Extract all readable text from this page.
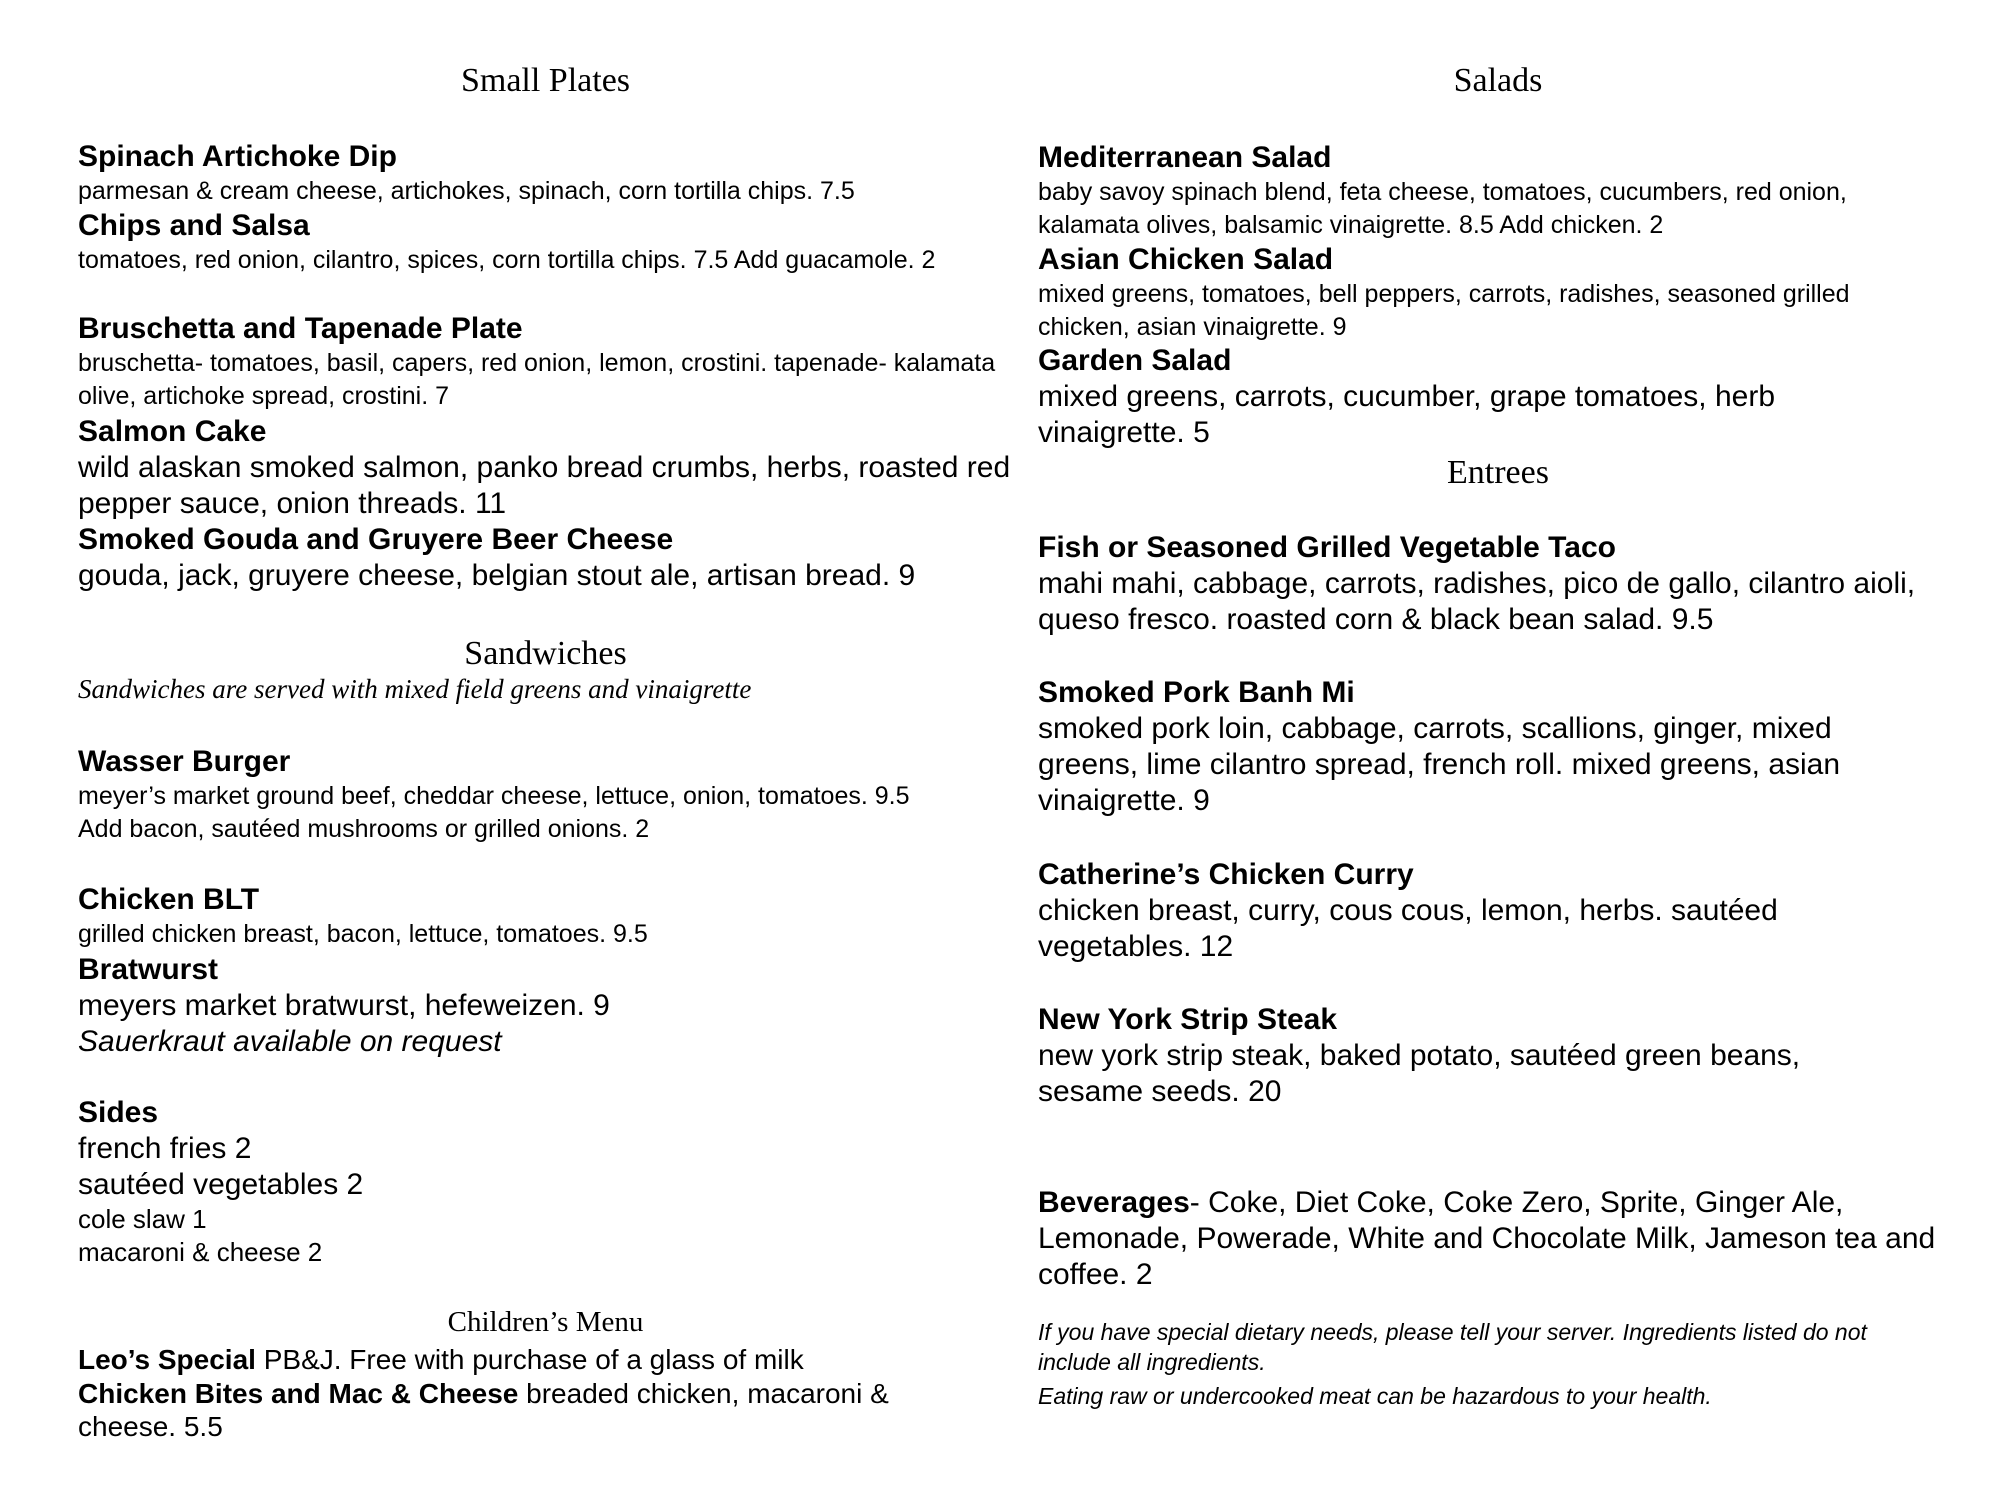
Small Plates
Spinach Artichoke Dip
parmesan & cream cheese, artichokes, spinach, corn tortilla chips. 7.5
Chips and Salsa
tomatoes, red onion, cilantro, spices, corn tortilla chips. 7.5 Add guacamole. 2
Bruschetta and Tapenade Plate
bruschetta- tomatoes, basil, capers, red onion, lemon, crostini. tapenade- kalamata olive, artichoke spread, crostini. 7
Salmon Cake
wild alaskan smoked salmon, panko bread crumbs, herbs, roasted red pepper sauce, onion threads. 11
Smoked Gouda and Gruyere Beer Cheese
gouda, jack, gruyere cheese, belgian stout ale, artisan bread. 9
Sandwiches
Sandwiches are served with mixed field greens and vinaigrette
Wasser Burger
meyer’s market ground beef, cheddar cheese, lettuce, onion, tomatoes. 9.5
Add bacon, sautéed mushrooms or grilled onions. 2
Chicken BLT
grilled chicken breast, bacon, lettuce, tomatoes. 9.5
Bratwurst
meyers market bratwurst, hefeweizen. 9
Sauerkraut available on request
Sides
french fries 2
sautéed vegetables 2
cole slaw 1
macaroni & cheese 2
Children’s Menu
Leo’s Special PB&J. Free with purchase of a glass of milk
Chicken Bites and Mac & Cheese breaded chicken, macaroni & cheese. 5.5
Salads
Mediterranean Salad
baby savoy spinach blend, feta cheese, tomatoes, cucumbers, red onion, kalamata olives, balsamic vinaigrette. 8.5 Add chicken. 2
Asian Chicken Salad
mixed greens, tomatoes, bell peppers, carrots, radishes, seasoned grilled chicken, asian vinaigrette. 9
Garden Salad
mixed greens, carrots, cucumber, grape tomatoes, herb vinaigrette. 5
Entrees
Fish or Seasoned Grilled Vegetable Taco
mahi mahi, cabbage, carrots, radishes, pico de gallo, cilantro aioli, queso fresco. roasted corn & black bean salad. 9.5
Smoked Pork Banh Mi
smoked pork loin, cabbage, carrots, scallions, ginger, mixed greens, lime cilantro spread, french roll. mixed greens, asian vinaigrette. 9
Catherine’s Chicken Curry
chicken breast, curry, cous cous, lemon, herbs. sautéed vegetables. 12
New York Strip Steak
new york strip steak, baked potato, sautéed green beans, sesame seeds. 20
Beverages- Coke, Diet Coke, Coke Zero, Sprite, Ginger Ale, Lemonade, Powerade, White and Chocolate Milk, Jameson tea and coffee. 2
If you have special dietary needs, please tell your server. Ingredients listed do not include all ingredients.
Eating raw or undercooked meat can be hazardous to your health.
